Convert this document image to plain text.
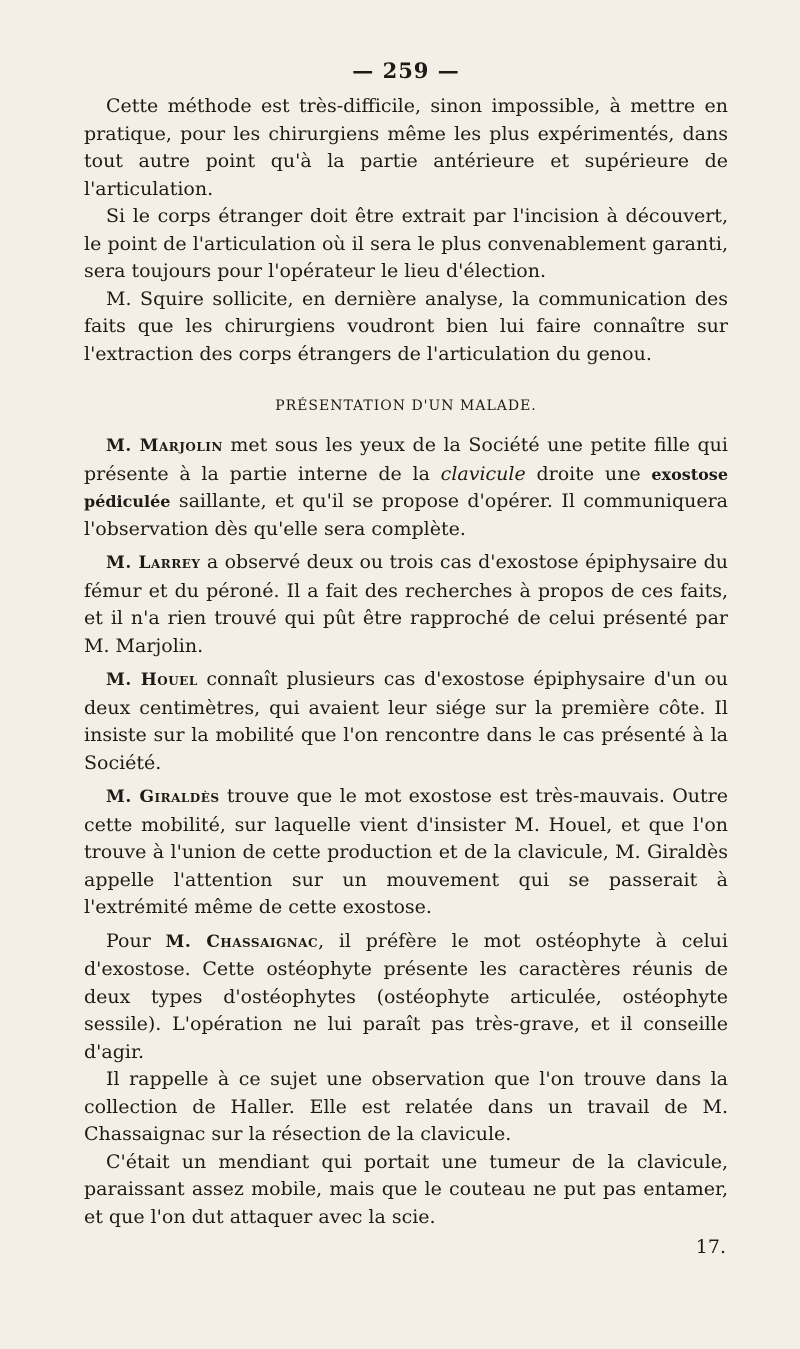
— 259 —

Cette méthode est très-difficile, sinon impossible, à mettre en pratique, pour les chirurgiens même les plus expérimentés, dans tout autre point qu'à la partie antérieure et supérieure de l'articulation.

Si le corps étranger doit être extrait par l'incision à découvert, le point de l'articulation où il sera le plus convenablement garanti, sera toujours pour l'opérateur le lieu d'élection.

M. Squire sollicite, en dernière analyse, la communication des faits que les chirurgiens voudront bien lui faire connaître sur l'extraction des corps étrangers de l'articulation du genou.

PRÉSENTATION D'UN MALADE.

M. Marjolin met sous les yeux de la Société une petite fille qui présente à la partie interne de la clavicule droite une exostose pédiculée saillante, et qu'il se propose d'opérer. Il communiquera l'observation dès qu'elle sera complète.

M. Larrey a observé deux ou trois cas d'exostose épiphysaire du fémur et du péroné. Il a fait des recherches à propos de ces faits, et il n'a rien trouvé qui pût être rapproché de celui présenté par M. Marjolin.

M. Houel connaît plusieurs cas d'exostose épiphysaire d'un ou deux centimètres, qui avaient leur siége sur la première côte. Il insiste sur la mobilité que l'on rencontre dans le cas présenté à la Société.

M. Giraldès trouve que le mot exostose est très-mauvais. Outre cette mobilité, sur laquelle vient d'insister M. Houel, et que l'on trouve à l'union de cette production et de la clavicule, M. Giraldès appelle l'attention sur un mouvement qui se passerait à l'extrémité même de cette exostose.

Pour M. Chassaignac, il préfère le mot ostéophyte à celui d'exostose. Cette ostéophyte présente les caractères réunis de deux types d'ostéophytes (ostéophyte articulée, ostéophyte sessile). L'opération ne lui paraît pas très-grave, et il conseille d'agir.

Il rappelle à ce sujet une observation que l'on trouve dans la collection de Haller. Elle est relatée dans un travail de M. Chassaignac sur la résection de la clavicule.

C'était un mendiant qui portait une tumeur de la clavicule, paraissant assez mobile, mais que le couteau ne put pas entamer, et que l'on dut attaquer avec la scie.

17.
